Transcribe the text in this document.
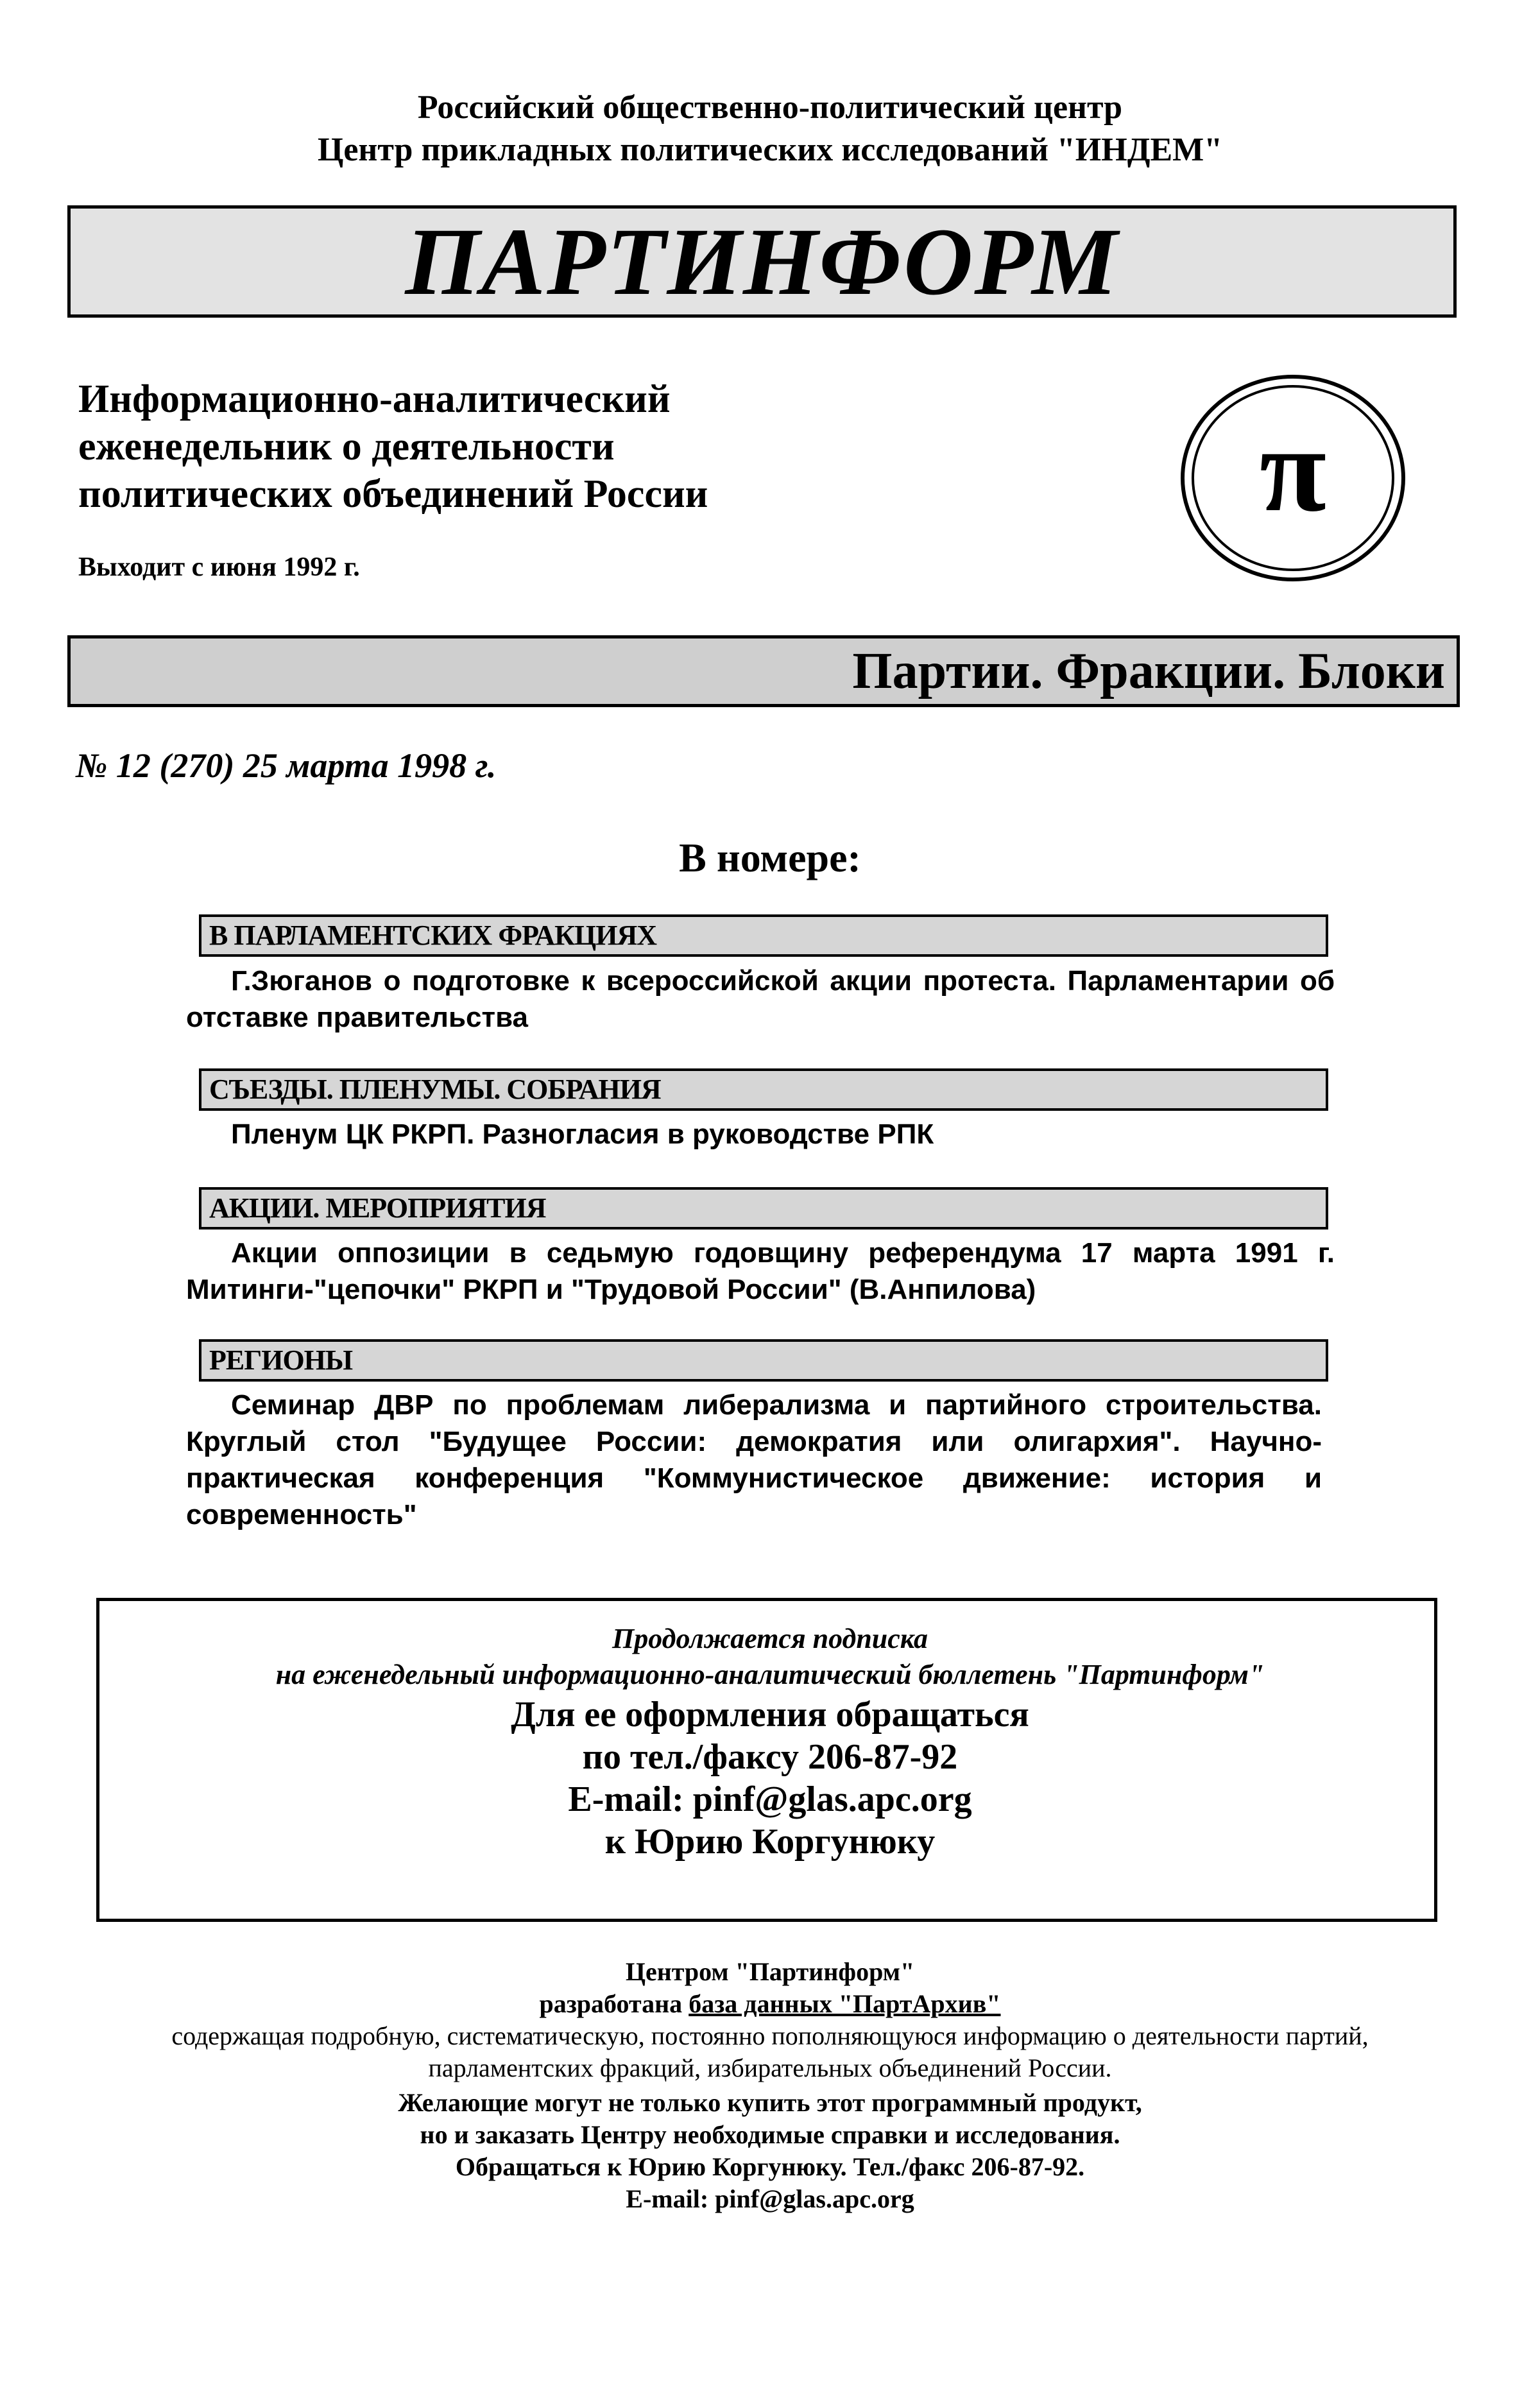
Российский общественно-политический центр
Центр прикладных политических исследований "ИНДЕМ"
ПАРТИНФОРМ
Информационно-аналитический
еженедельник о деятельности
политических объединений России
Выходит с июня 1992 г.
π
Партии. Фракции. Блоки
№ 12 (270) 25 марта 1998 г.
В номере:
В ПАРЛАМЕНТСКИХ ФРАКЦИЯХ
Г.Зюганов о подготовке к всероссийской акции протеста. Парламентарии об отставке правительства
СЪЕЗДЫ. ПЛЕНУМЫ. СОБРАНИЯ
Пленум ЦК РКРП. Разногласия в руководстве РПК
АКЦИИ. МЕРОПРИЯТИЯ
Акции оппозиции в седьмую годовщину референдума 17 марта 1991 г. Митинги-"цепочки" РКРП и "Трудовой России" (В.Анпилова)
РЕГИОНЫ
Семинар ДВР по проблемам либерализма и партийного строительства. Круглый стол "Будущее России: демократия или олигархия". Научно-практическая конференция "Коммунистическое движение: история и современность"
Продолжается подписка
на еженедельный информационно-аналитический бюллетень "Партинформ"
Для ее оформления обращаться
по тел./факсу 206-87-92
E-mail: pinf@glas.apc.org
к Юрию Коргунюку
Центром "Партинформ"
разработана база данных "ПартАрхив"
содержащая подробную, систематическую, постоянно пополняющуюся информацию о деятельности партий,
парламентских фракций, избирательных объединений России.
Желающие могут не только купить этот программный продукт,
но и заказать Центру необходимые справки и исследования.
Обращаться к Юрию Коргунюку. Тел./факс 206-87-92.
E-mail: pinf@glas.apc.org
